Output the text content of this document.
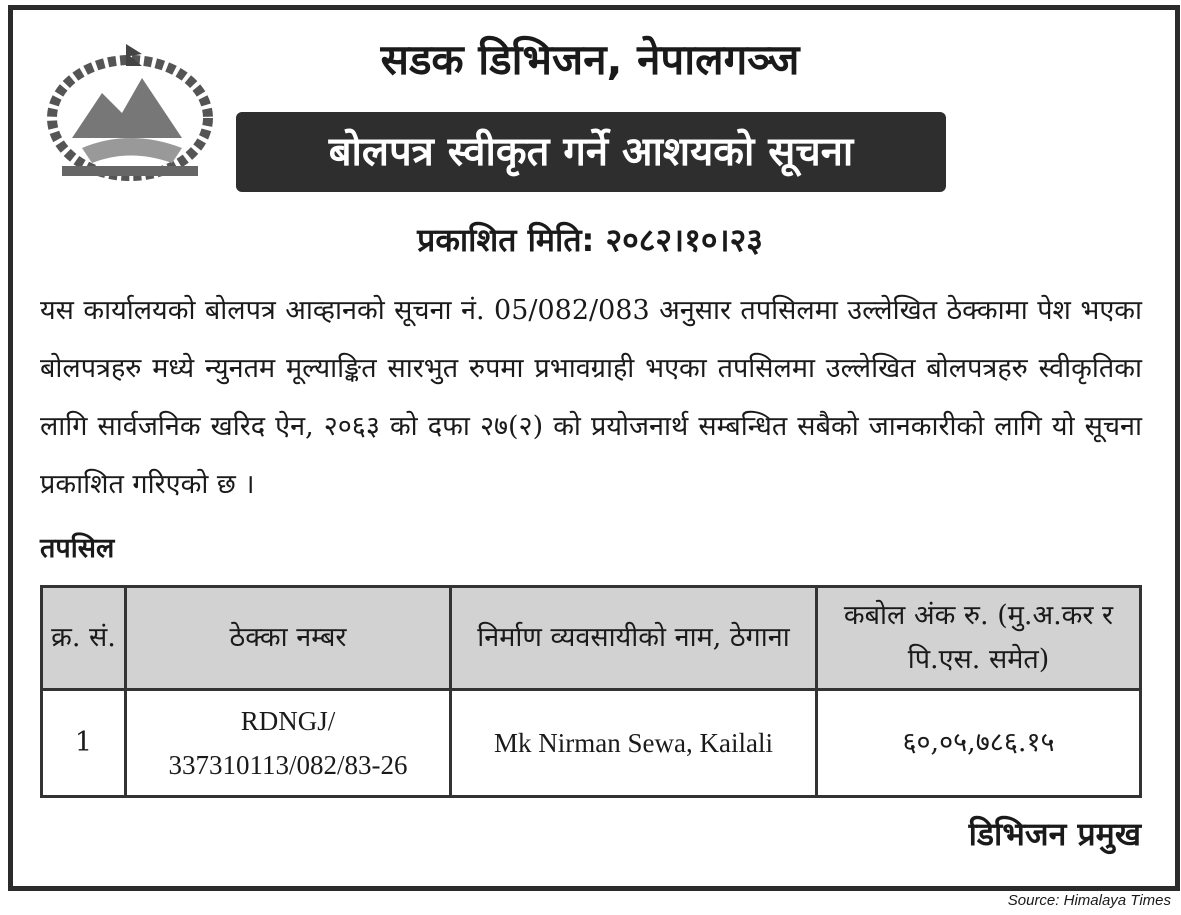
सडक डिभिजन, नेपालगञ्ज
बोलपत्र स्वीकृत गर्ने आशयको सूचना
प्रकाशित मिति: २०८२।१०।२३
यस कार्यालयको बोलपत्र आव्हानको सूचना नं. 05/082/083 अनुसार तपसिलमा उल्लेखित ठेक्कामा पेश भएका बोलपत्रहरु मध्ये न्युनतम मूल्याङ्कित सारभुत रुपमा प्रभावग्राही भएका तपसिलमा उल्लेखित बोलपत्रहरु स्वीकृतिका लागि सार्वजनिक खरिद ऐन, २०६३ को दफा २७(२) को प्रयोजनार्थ सम्बन्धित सबैको जानकारीको लागि यो सूचना प्रकाशित गरिएको छ ।
तपसिल
क्र. सं.	ठेक्का नम्बर	निर्माण व्यवसायीको नाम, ठेगाना	कबोल अंक रु. (मु.अ.कर र पि.एस. समेत)
1	RDNGJ/ 337310113/082/83-26	Mk Nirman Sewa, Kailali	६०,०५,७८६.१५
डिभिजन प्रमुख
Source: Himalaya Times
